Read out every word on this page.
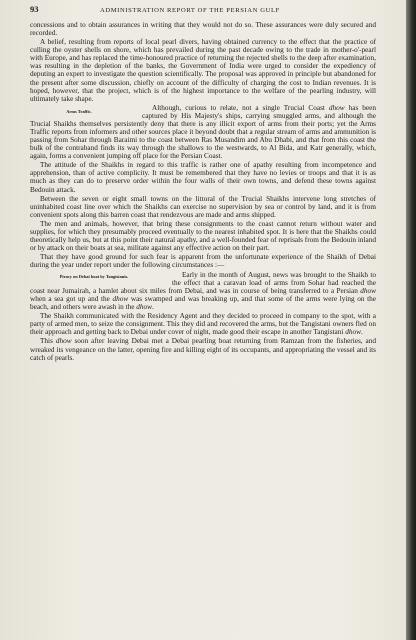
93	ADMINISTRATION REPORT OF THE PERSIAN GULF

concessions and to obtain assurances in writing that they would not do so. These assurances were duly secured and recorded.

A belief, resulting from reports of local pearl divers, having obtained currency to the effect that the practice of culling the oyster shells on shore, which has prevailed during the past decade owing to the trade in mother-o'-pearl with Europe, and has replaced the time-honoured practice of returning the rejected shells to the deep after examination, was resulting in the depletion of the banks, the Government of India were urged to consider the expediency of deputing an expert to investigate the question scientifically. The proposal was approved in principle but abandoned for the present after some discussion, chiefly on account of the difficulty of charging the cost to Indian revenues. It is hoped, however, that the project, which is of the highest importance to the welfare of the pearling industry, will ultimately take shape.

Arms Traffic.	Although, curious to relate, not a single Trucial Coast dhow has been captured by His Majesty's ships, carrying smuggled arms, and although the Trucial Shaikhs themselves persistently deny that there is any illicit export of arms from their ports; yet the Arms Traffic reports from informers and other sources place it beyond doubt that a regular stream of arms and ammunition is passing from Sohar through Baraimi to the coast between Ras Musandim and Abu Dhabi, and that from this coast the bulk of the contraband finds its way through the shallows to the westwards, to Al Bida, and Katr generally, which, again, forms a convenient jumping off place for the Persian Coast.

The attitude of the Shaikhs in regard to this traffic is rather one of apathy resulting from incompetence and apprehension, than of active complicity. It must be remembered that they have no levies or troops and that it is as much as they can do to preserve order within the four walls of their own towns, and defend these towns against Bedouin attack.

Between the seven or eight small towns on the littoral of the Trucial Shaikhs intervene long stretches of uninhabited coast line over which the Shaikhs can exercise no supervision by sea or control by land, and it is from convenient spots along this barren coast that rendezvous are made and arms shipped.

The men and animals, however, that bring these consignments to the coast cannot return without water and supplies, for which they presumably proceed eventually to the nearest inhabited spot. It is here that the Shaikhs could theoretically help us, but at this point their natural apathy, and a well-founded fear of reprisals from the Bedouin inland or by attack on their boats at sea, militate against any effective action on their part.

That they have good ground for such fear is apparent from the unfortunate experience of the Shaikh of Debai during the year under report under the following circumstances :—

Piracy on Debai boat by Tangistanis.	Early in the month of August, news was brought to the Shaikh to the effect that a caravan load of arms from Sohar had reached the coast near Jumairah, a hamlet about six miles from Debai, and was in course of being transferred to a Persian dhow when a sea got up and the dhow was swamped and was breaking up, and that some of the arms were lying on the beach, and others were awash in the dhow.

The Shaikh communicated with the Residency Agent and they decided to proceed in company to the spot, with a party of armed men, to seize the consignment. This they did and recovered the arms, but the Tangistani owners fled on their approach and getting back to Debai under cover of night, made good their escape in another Tangistani dhow.

This dhow soon after leaving Debai met a Debai pearling boat returning from Ramzan from the fisheries, and wreaked its vengeance on the latter, opening fire and killing eight of its occupants, and appropriating the vessel and its catch of pearls.
